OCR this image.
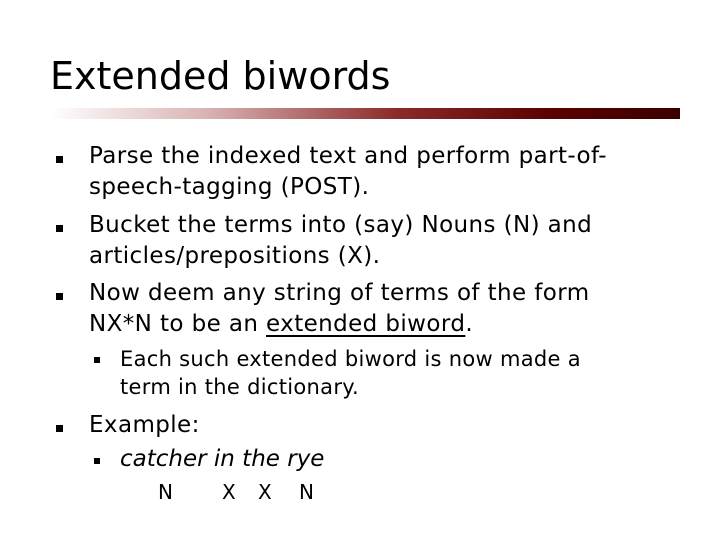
Extended biwords
Parse the indexed text and perform part-of-
speech-tagging (POST).
Bucket the terms into (say) Nouns (N) and
articles/prepositions (X).
Now deem any string of terms of the form
NX*N to be an extended biword.
Each such extended biword is now made a
term in the dictionary.
Example:
catcher in the rye
N X X N
